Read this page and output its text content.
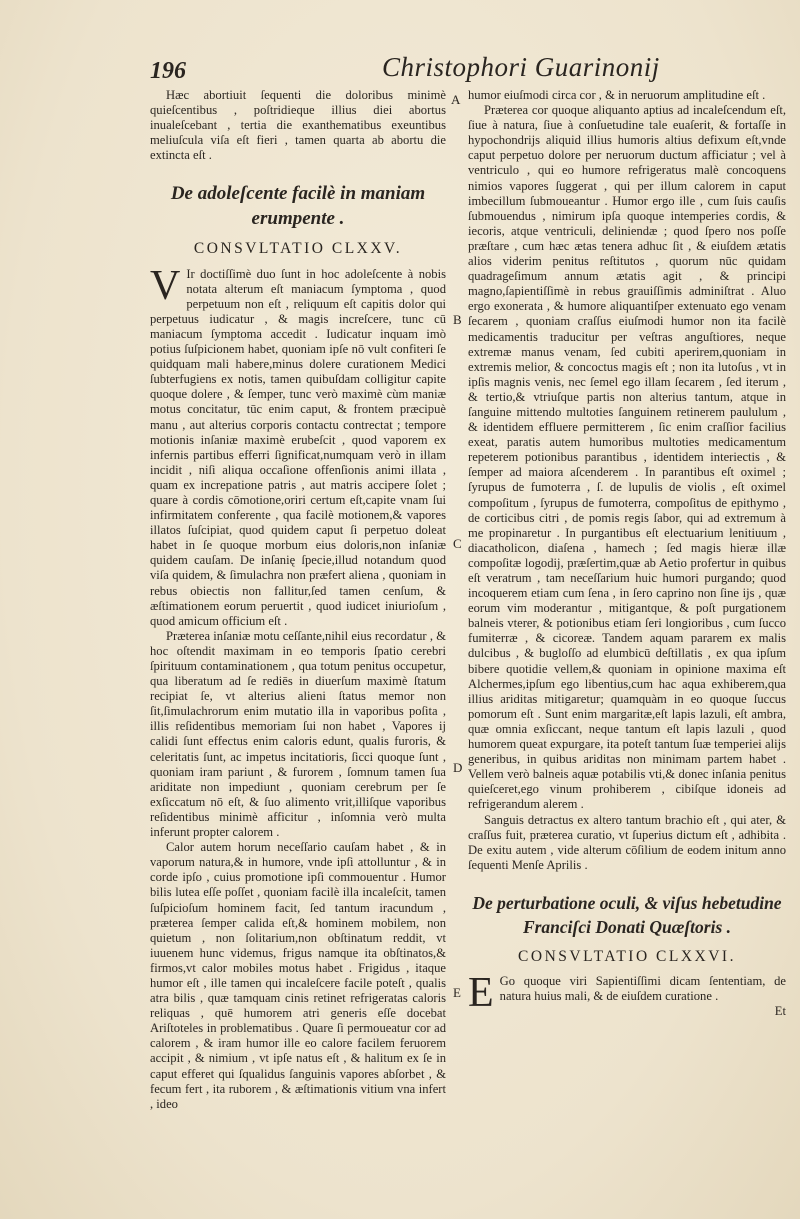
196	Christophori Guarinonij

Hæc abortiuit ſequenti die doloribus minimè quieſcentibus , poſtridieque illius diei abortus inualeſcebant , tertia die exanthematibus exeuntibus meliuſcula viſa eſt fieri , tamen quarta ab abortu die extincta eſt .

De adoleſcente facilè in maniam erumpente .
CONSVLTATIO CLXXV.

V Ir doctiſſimè duo ſunt in hoc adoleſcente à nobis notata alterum eſt maniacum ſymptoma , quod perpetuum non eſt , reliquum eſt capitis dolor qui perpetuus iudicatur , & magis increſcere, tunc cū maniacum ſymptoma accedit . Iudicatur inquam imò potius ſuſpicionem habet, quoniam ipſe nō vult confiteri ſe quidquam mali habere,minus dolere curationem Medici ſubterfugiens ex notis, tamen quibuſdam colligitur capite quoque dolere , & ſemper, tunc verò maximè cùm maniæ motus concitatur, tūc enim caput, & frontem præcipuè manu , aut alterius corporis contactu contrectat ; tempore motionis inſaniæ maximè erubeſcit , quod vaporem ex infernis partibus efferri ſignificat,numquam verò in illam incidit , niſi aliqua occaſione offenſionis animi illata , quam ex increpatione patris , aut matris accipere ſolet ; quare à cordis cōmotione,oriri certum eſt,capite vnam ſui infirmitatem conferente , qua facilè motionem,& vapores illatos ſuſcipiat, quod quidem caput ſi perpetuo doleat habet in ſe quoque morbum eius doloris,non inſaniæ quidem cauſam. De inſanię ſpecie,illud notandum quod viſa quidem, & ſimulachra non præfert aliena , quoniam in rebus obiectis non fallitur,ſed tamen cenſum, & æſtimationem eorum peruertit , quod iudicet iniurioſum , quod amicum officium eſt .

Præterea inſaniæ motu ceſſante,nihil eius recordatur , & hoc oſtendit maximam in eo temporis ſpatio cerebri ſpirituum contaminationem , qua totum penitus occupetur, qua liberatum ad ſe rediēs in diuerſum maximè ſtatum recipiat ſe, vt alterius alieni ſtatus memor non ſit,ſimulachrorum enim mutatio illa in vaporibus poſita , illis reſidentibus memoriam ſui non habet , Vapores ij calidi ſunt effectus enim caloris edunt, qualis furoris, & celeritatis ſunt, ac impetus incitatioris, ſicci quoque ſunt , quoniam iram pariunt , & furorem , ſomnum tamen ſua ariditate non impediunt , quoniam cerebrum per ſe exſiccatum nō eſt, & ſuo alimento vrit,illiſque vaporibus reſidentibus minimè afficitur , inſomnia verò multa inferunt propter calorem .

Calor autem horum neceſſario cauſam habet , & in vaporum natura,& in humore, vnde ipſi attolluntur , & in corde ipſo , cuius promotione ipſi commouentur . Humor bilis lutea eſſe poſſet , quoniam facilè illa incaleſcit, tamen ſuſpicioſum hominem facit, ſed tantum iracundum , præterea ſemper calida eſt,& hominem mobilem, non quietum , non ſolitarium,non obſtinatum reddit, vt iuuenem hunc videmus, frigus namque ita obſtinatos,& firmos,vt calor mobiles motus habet . Frigidus , itaque humor eſt , ille tamen qui incaleſcere facile poteſt , qualis atra bilis , quæ tamquam cinis retinet refrigeratas caloris reliquas , quē humorem atri generis eſſe docebat Ariſtoteles in problematibus . Quare ſi permoueatur cor ad calorem , & iram humor ille eo calore facilem feruorem accipit , & nimium , vt ipſe natus eſt , & halitum ex ſe in caput efferet qui ſqualidus ſanguinis vapores abſorbet , & fecum fert , ita ruborem , & æſtimationis vitium vna infert , ideo

A
B
C
D
E

humor eiuſmodi circa cor , & in neruorum amplitudine eſt .

Præterea cor quoque aliquanto aptius ad incaleſcendum eſt, ſiue à natura, ſiue à conſuetudine tale euaſerit, & fortaſſe in hypochondrijs aliquid illius humoris altius defixum eſt,vnde caput perpetuo dolore per neruorum ductum afficiatur ; vel à ventriculo , qui eo humore refrigeratus malè concoquens nimios vapores ſuggerat , qui per illum calorem in caput imbecillum ſubmoueantur . Humor ergo ille , cum ſuis cauſis ſubmouendus , nimirum ipſa quoque intemperies cordis, & iecoris, atque ventriculi, deliniendæ ; quod ſpero nos poſſe præſtare , cum hæc ætas tenera adhuc ſit , & eiuſdem ætatis alios viderim penitus reſtitutos , quorum nūc quidam quadrageſimum annum ætatis agit , & principi magno,ſapientiſſimè in rebus grauiſſimis adminiſtrat . Aluo ergo exonerata , & humore aliquantiſper extenuato ego venam ſecarem , quoniam craſſus eiuſmodi humor non ita facilè medicamentis traducitur per veſtras anguſtiores, neque extremæ manus venam, ſed cubiti aperirem,quoniam in extremis melior, & concoctus magis eſt ; non ita lutoſus , vt in ipſis magnis venis, nec ſemel ego illam ſecarem , ſed iterum , & tertio,& vtriuſque partis non alterius tantum, atque in ſanguine mittendo multoties ſanguinem retinerem paululum , & identidem effluere permitterem , ſic enim craſſior facilius exeat, paratis autem humoribus multoties medicamentum repeterem potionibus parantibus , identidem interiectis , & ſemper ad maiora aſcenderem . In parantibus eſt oximel ; ſyrupus de fumoterra , ſ. de lupulis de violis , eſt oximel compoſitum , ſyrupus de fumoterra, compoſitus de epithymo , de corticibus citri , de pomis regis ſabor, qui ad extremum à me propinaretur . In purgantibus eſt electuarium lenitiuum , diacatholicon, diaſena , hamech ; ſed magis hieræ illæ compoſitæ logodij, præſertim,quæ ab Aetio profertur in quibus eſt veratrum , tam neceſſarium huic humori purgando; quod incoquerem etiam cum ſena , in ſero caprino non ſine ijs , quæ eorum vim moderantur , mitigantque, & poſt purgationem balneis vterer, & potionibus etiam ſeri longioribus , cum ſucco fumiterræ , & cicoreæ. Tandem aquam pararem ex malis dulcibus , & bugloſſo ad elumbicū deſtillatis , ex qua ipſum bibere quotidie vellem,& quoniam in opinione maxima eſt Alchermes,ipſum ego libentius,cum hac aqua exhiberem,qua illius ariditas mitigaretur; quamquàm in eo quoque ſuccus pomorum eſt . Sunt enim margaritæ,eſt lapis lazuli, eſt ambra, quæ omnia exſiccant, neque tantum eſt lapis lazuli , quod humorem queat expurgare, ita poteſt tantum ſuæ temperiei alijs generibus, in quibus ariditas non minimam partem habet . Vellem verò balneis aquæ potabilis vti,& donec inſania penitus quieſceret,ego vinum prohiberem , cibiſque idoneis ad refrigerandum alerem .

Sanguis detractus ex altero tantum brachio eſt , qui ater, & craſſus fuit, præterea curatio, vt ſuperius dictum eſt , adhibita . De exitu autem , vide alterum cōſilium de eodem initum anno ſequenti Menſe Aprilis .

De perturbatione oculi, & viſus hebetudine Franciſci Donati Quæſtoris .
CONSVLTATIO CLXXVI.

E Go quoque viri Sapientiſſimi dicam ſententiam, de natura huius mali, & de eiuſdem curatione .

Et
